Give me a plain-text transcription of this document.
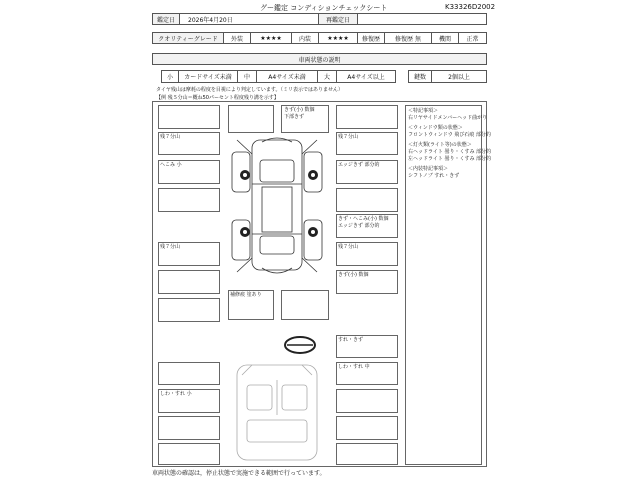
グー鑑定 コンディションチェックシート	K33326D2002
鑑定日	2026年4月20日	再鑑定日
クオリティーグレード	外装	★★★★	内装	★★★★	修復歴	修復歴 無	機関	正常
車両状態の説明
小	カードサイズ未満	中	A4サイズ未満	大	A4サイズ以上	鍵数	2個以上
タイヤ残山は摩耗の程度を目視により判定しています。（ミリ表示ではありません）
【例 残５分山＝概ね50パーセント程度残り溝を示す】
残７分山
へこみ 小
残７分山
しわ・すれ 小
きず(小) 数個
下部きず
残７分山
エッジきず 部分的
きず・へこみ(小) 数個
エッジきず 部分的
残７分山
きず(小) 数個
すれ・きず
しわ・すれ 中
補修痕 塗あり
＜特記事項＞
右リヤサイドメンバーヘッド曲がり
＜ウィンドウ類の状態＞
フロントウィンドウ 飛び石痕 部分的
＜灯火類(ライト等)の状態＞
右ヘッドライト 曇り・くすみ 部分的
左ヘッドライト 曇り・くすみ 部分的
＜内装特記事項＞
シフトノブ すれ・きず
車両状態の確認は，停止状態で実施できる範囲で行っています。
